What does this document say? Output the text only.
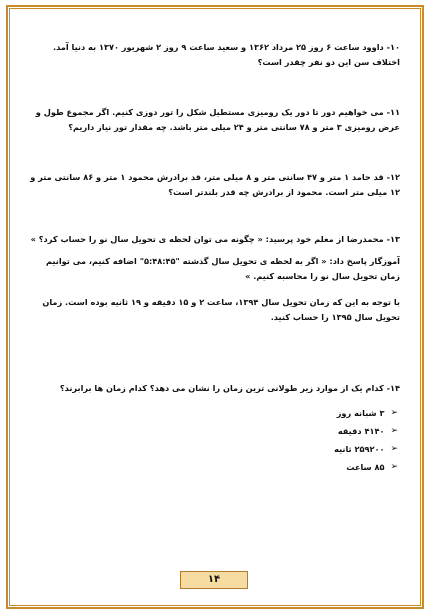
۱۰- داوود ساعت ۶ روز ۲۵ مرداد ۱۳۶۲ و سعید ساعت ۹ روز ۲ شهریور ۱۳۷۰ به دنیا آمد. اختلاف سن این دو نفر چقدر است؟
۱۱- می خواهیم دور تا دور یک رومیزی مستطیل شکل را تور دوزی کنیم. اگر مجموع طول و عرض رومیزی ۳ متر و ۷۸ سانتی متر و ۲۴ میلی متر باشد. چه مقدار تور نیاز داریم؟
۱۲- قد حامد ۱ متر و ۴۷ سانتی متر و ۸ میلی متر، قد برادرش محمود ۱ متر و ۸۶ سانتی متر و ۱۲ میلی متر است. محمود از برادرش چه قدر بلندتر است؟
۱۳- محمدرضا از معلم خود پرسید: « چگونه می توان لحظه ی تحویل سال نو را حساب کرد؟ »
آموزگار پاسخ داد: « اگر به لحظه ی تحویل سال گذشته "۵:۴۸:۴۵" اضافه کنیم، می توانیم زمان تحویل سال نو را محاسبه کنیم. »
با توجه به این که زمان تحویل سال ۱۳۹۴، ساعت ۲ و ۱۵ دقیقه و ۱۹ ثانیه بوده است. زمان تحویل سال ۱۳۹۵ را حساب کنید.
۱۴- کدام یک از موارد زیر طولانی ترین زمان را نشان می دهد؟ کدام زمان ها برابرند؟
➢
۳ شبانه روز
➢
۴۱۴۰ دقیقه
➢
۲۵۹۲۰۰ ثانیه
➢
۸۵ ساعت
۱۴
